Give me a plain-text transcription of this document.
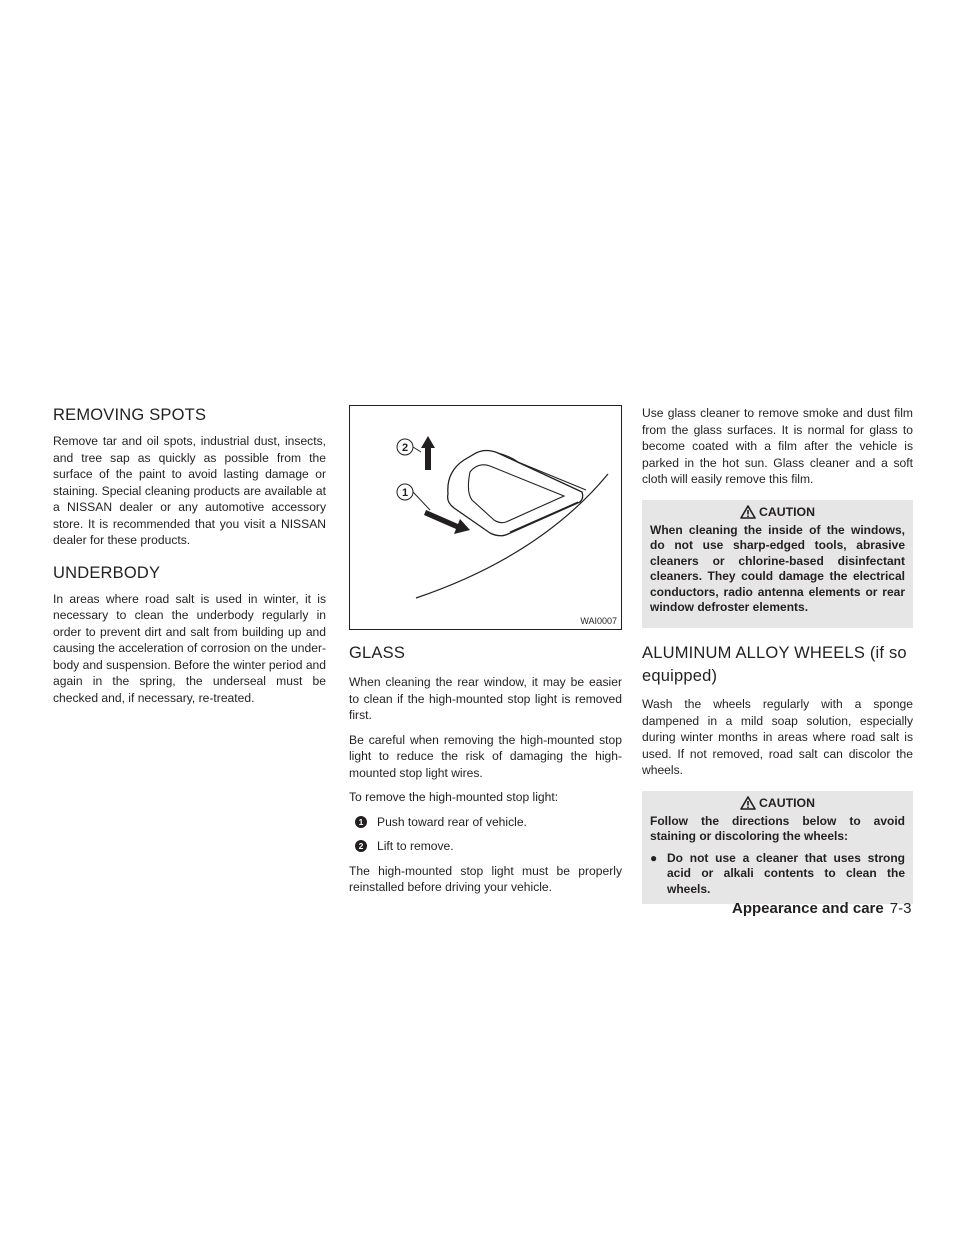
REMOVING SPOTS

Remove tar and oil spots, industrial dust, insects, and tree sap as quickly as possible from the surface of the paint to avoid lasting damage or staining. Special cleaning products are available at a NISSAN dealer or any automotive accessory store. It is recommended that you visit a NISSAN dealer for these products.

UNDERBODY

In areas where road salt is used in winter, it is necessary to clean the underbody regularly in order to prevent dirt and salt from building up and causing the acceleration of corrosion on the under-body and suspension. Before the winter period and again in the spring, the underseal must be checked and, if necessary, re-treated.

2
1
WAI0007
GLASS

When cleaning the rear window, it may be easier to clean if the high-mounted stop light is removed first.

Be careful when removing the high-mounted stop light to reduce the risk of damaging the high-mounted stop light wires.

To remove the high-mounted stop light:

1	Push toward rear of vehicle.
2	Lift to remove.

The high-mounted stop light must be properly reinstalled before driving your vehicle.

Use glass cleaner to remove smoke and dust film from the glass surfaces. It is normal for glass to become coated with a film after the vehicle is parked in the hot sun. Glass cleaner and a soft cloth will easily remove this film.

CAUTION
When cleaning the inside of the windows, do not use sharp-edged tools, abrasive cleaners or chlorine-based disinfectant cleaners. They could damage the electrical conductors, radio antenna elements or rear window defroster elements.
ALUMINUM ALLOY WHEELS (if so equipped)

Wash the wheels regularly with a sponge dampened in a mild soap solution, especially during winter months in areas where road salt is used. If not removed, road salt can discolor the wheels.

CAUTION
Follow the directions below to avoid staining or discoloring the wheels:
● Do not use a cleaner that uses strong acid or alkali contents to clean the wheels.
Appearance and care 7-3
